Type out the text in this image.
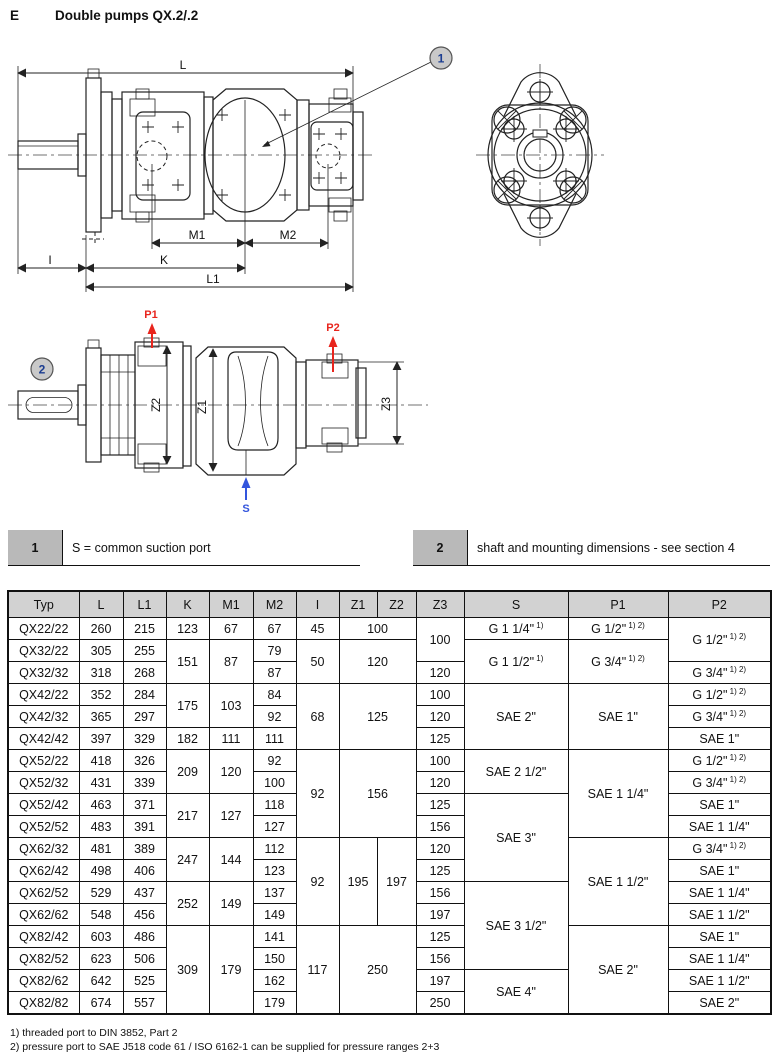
E	Double pumps QX.2/.2
L
M1	M2
I	K
L1
1
2
P1
P2
S
Z2	Z1	Z3
1	S = common suction port	2	shaft and mounting dimensions - see section 4
Typ	L	L1	K	M1	M2	I	Z1	Z2	Z3	S	P1	P2
QX22/22	260	215	123	67	67	45	100		100	G 1 1/4" $^{1)}$	G 1/2" $^{1) 2)}$	G 1/2" $^{1) 2)}$
QX32/22	305	255	151	87	79	50	120			G 1 1/2" $^{1)}$	G 3/4" $^{1) 2)}$
QX32/32	318	268			87				120			G 3/4" $^{1) 2)}$
QX42/22	352	284	175	103	84	68	125		100	SAE 2"	SAE 1"	G 1/2" $^{1) 2)}$
QX42/32	365	297			92				120			G 3/4" $^{1) 2)}$
QX42/42	397	329	182	111	111				125			SAE 1"
QX52/22	418	326	209	120	92	92	156		100	SAE 2 1/2"	SAE 1 1/4"	G 1/2" $^{1) 2)}$
QX52/32	431	339			100				120			G 3/4" $^{1) 2)}$
QX52/42	463	371	217	127	118				125	SAE 3"		SAE 1"
QX52/52	483	391			127				156			SAE 1 1/4"
QX62/32	481	389	247	144	112	92	195	197	120		SAE 1 1/2"	G 3/4" $^{1) 2)}$
QX62/42	498	406			123				125			SAE 1"
QX62/52	529	437	252	149	137				156	SAE 3 1/2"		SAE 1 1/4"
QX62/62	548	456			149				197			SAE 1 1/2"
QX82/42	603	486	309	179	141	117	250		125		SAE 2"	SAE 1"
QX82/52	623	506			150				156			SAE 1 1/4"
QX82/62	642	525			162				197	SAE 4"		SAE 1 1/2"
QX82/82	674	557			179				250			SAE 2"
1) threaded port to DIN 3852, Part 2
2) pressure port to SAE J518 code 61 / ISO 6162-1 can be supplied for pressure ranges 2+3
